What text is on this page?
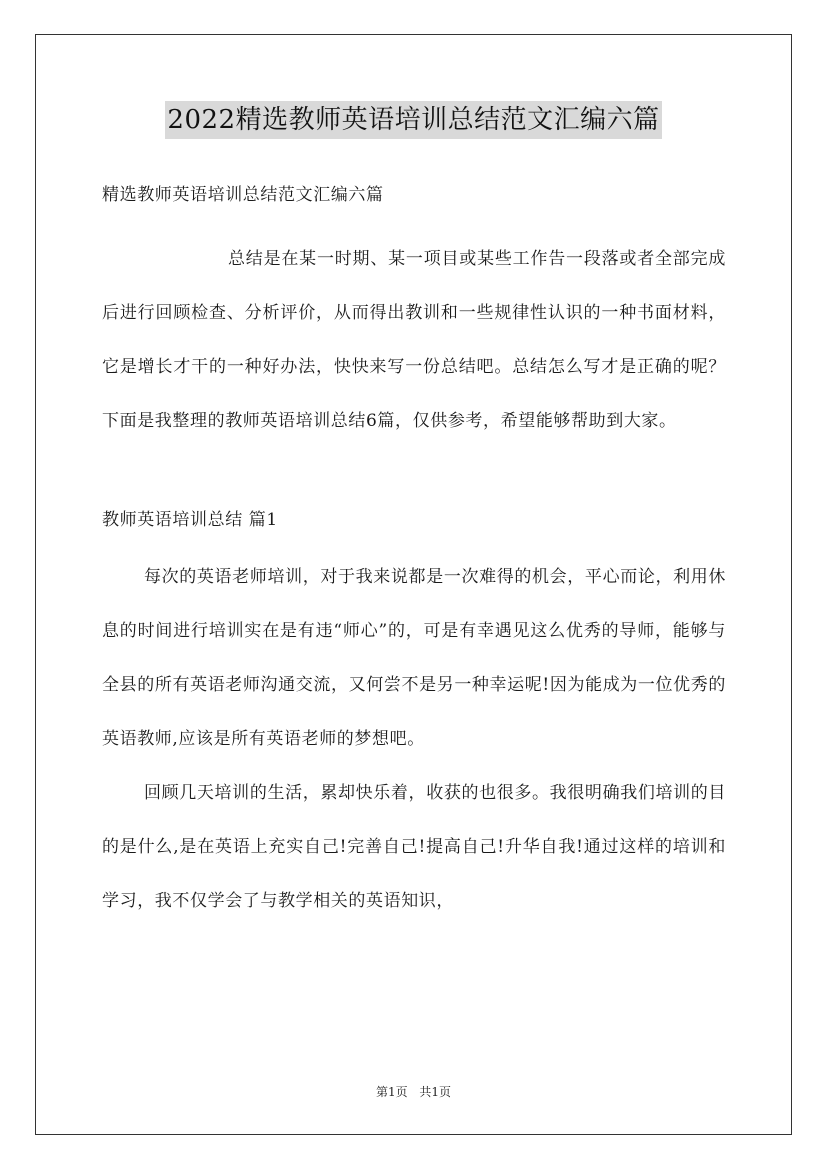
2022精选教师英语培训总结范文汇编六篇

精选教师英语培训总结范文汇编六篇

总结是在某一时期、某一项目或某些工作告一段落或者全部完成后进行回顾检查、分析评价，从而得出教训和一些规律性认识的一种书面材料，它是增长才干的一种好办法，快快来写一份总结吧。总结怎么写才是正确的呢？下面是我整理的教师英语培训总结6篇，仅供参考，希望能够帮助到大家。

教师英语培训总结 篇1

每次的英语老师培训，对于我来说都是一次难得的机会，平心而论，利用休息的时间进行培训实在是有违“师心”的，可是有幸遇见这么优秀的导师，能够与全县的所有英语老师沟通交流，又何尝不是另一种幸运呢!因为能成为一位优秀的英语教师,应该是所有英语老师的梦想吧。

回顾几天培训的生活，累却快乐着，收获的也很多。我很明确我们培训的目的是什么,是在英语上充实自己!完善自己!提高自己!升华自我!通过这样的培训和学习，我不仅学会了与教学相关的英语知识，

第1页 共1页
